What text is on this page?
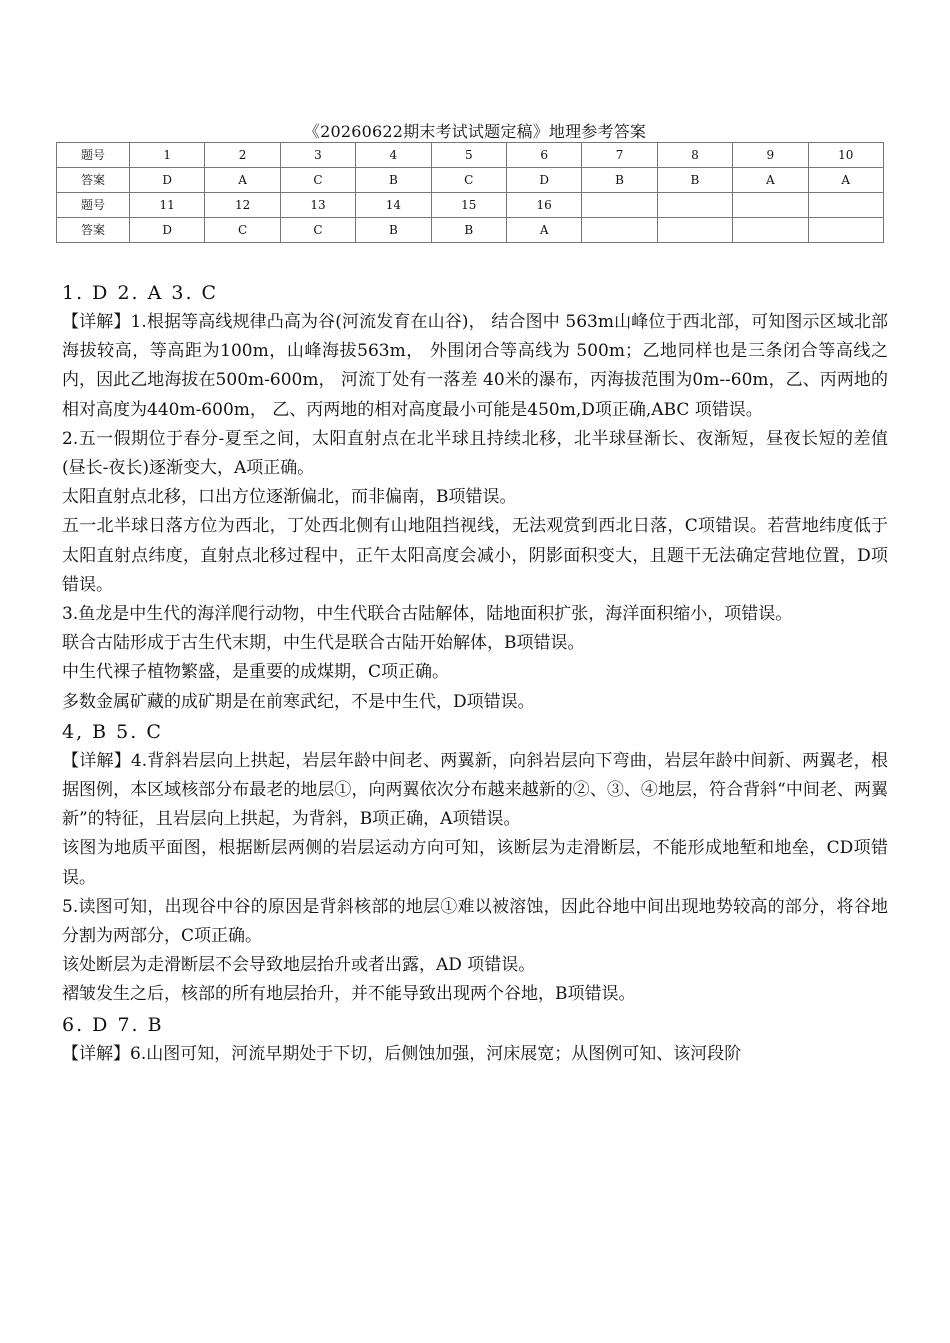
《20260622期末考试试题定稿》地理参考答案
题号	1	2	3	4	5	6	7	8	9	10
答案	D	A	C	B	C	D	B	B	A	A
题号	11	12	13	14	15	16				
答案	D	C	C	B	B	A				

1. D 2. A 3. C

【详解】1.根据等高线规律凸高为谷(河流发育在山谷)， 结合图中 563m山峰位于西北部，可知图示区域北部海拔较高，等高距为100m，山峰海拔563m， 外围闭合等高线为 500m；乙地同样也是三条闭合等高线之内，因此乙地海拔在500m-600m， 河流丁处有一落差 40米的瀑布，丙海拔范围为0m--60m，乙、丙两地的相对高度为440m-600m， 乙、丙两地的相对高度最小可能是450m,D项正确,ABC 项错误。

2.五一假期位于春分-夏至之间，太阳直射点在北半球且持续北移，北半球昼渐长、夜渐短，昼夜长短的差值 (昼长-夜长)逐渐变大，A项正确。

太阳直射点北移，口出方位逐渐偏北，而非偏南，B项错误。

五一北半球日落方位为西北，丁处西北侧有山地阻挡视线，无法观赏到西北日落，C项错误。若营地纬度低于太阳直射点纬度，直射点北移过程中，正午太阳高度会减小，阴影面积变大，且题干无法确定营地位置，D项错误。

3.鱼龙是中生代的海洋爬行动物，中生代联合古陆解体，陆地面积扩张，海洋面积缩小，项错误。

联合古陆形成于古生代末期，中生代是联合古陆开始解体，B项错误。

中生代裸子植物繁盛，是重要的成煤期，C项正确。

多数金属矿藏的成矿期是在前寒武纪，不是中生代，D项错误。

4, B 5. C

【详解】4.背斜岩层向上拱起，岩层年龄中间老、两翼新，向斜岩层向下弯曲，岩层年龄中间新、两翼老，根据图例，本区域核部分布最老的地层①，向两翼依次分布越来越新的②、③、④地层，符合背斜“中间老、两翼新”的特征，且岩层向上拱起，为背斜，B项正确，A项错误。

该图为地质平面图，根据断层两侧的岩层运动方向可知，该断层为走滑断层，不能形成地堑和地垒，CD项错误。

5.读图可知，出现谷中谷的原因是背斜核部的地层①难以被溶蚀，因此谷地中间出现地势较高的部分，将谷地分割为两部分，C项正确。

该处断层为走滑断层不会导致地层抬升或者出露，AD 项错误。

褶皱发生之后，核部的所有地层抬升，并不能导致出现两个谷地，B项错误。

6. D 7. B

【详解】6.山图可知，河流早期处于下切，后侧蚀加强，河床展宽；从图例可知、该河段阶
